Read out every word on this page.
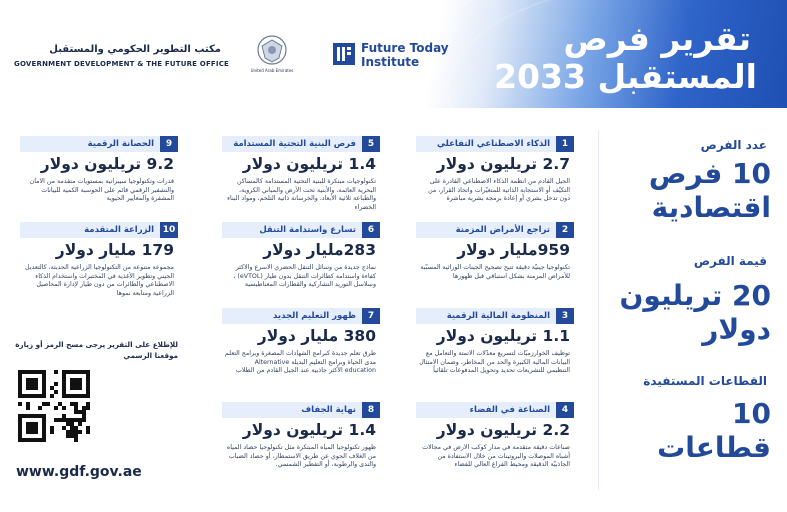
تقرير فرص
المستقبل 2033
Future Today
Institute
United Arab Emirates
مكتب التطوير الحكومي والمستقبل
GOVERNMENT DEVELOPMENT & THE FUTURE OFFICE
عدد الفرص
10 فرص
اقتصادية
قيمة الفرص
20 تريليون
دولار
القطاعات المستفيدة
10
قطاعات
1
الذكاء الاصطناعي التفاعلي
2.7 تريليون دولار
الجيل القادم من أنظمة الذكاء الاصطناعي القادرة على التكيّف أو الاستجابة الذاتية للمتغيّرات واتخاذ القرار، من دون تدخل بشري أو إعادة برمجة بشرية مباشرة
2
تراجع الأمراض المزمنة
959مليار دولار
تكنولوجيا جينيّة دقيقة تتيح تصحيح الجينات الوراثية المسبّبة للأمراض المزمنة بشكل استباقي قبل ظهورها
3
المنظومة المالية الرقمية
1.1 تريليون دولار
توظيف الخوارزميّات لتسريع معدّلات الأتمتة والتعامل مع البيانات المالية الكبيرة والحد من المخاطر، وضمان الامتثال التنظيمي للتشريعات تحديد وتحويل المدفوعات تلقائياً
4
الصناعة في الفضاء
2.2 تريليون دولار
صناعات دقيقة متقدمة في مدار كوكب الأرض في مجالات أشباه الموصلات والبروتينات من خلال الاستفادة من الجاذبيّة الدقيقة ومحيط الفراغ العالي للفضاء
5
فرص البنية التحتية المستدامة
1.4 تريليون دولار
تكنولوجيات مبتكرة للبنية التحتية المستدامة كالمساكن البحرية العائمة، والأبنية تحت الأرض والمباني الكروية، والطباعة ثلاثية الأبعاد، والخرسانة ذاتية التلحم، ومواد البناء الخضراء
6
تسارع واستدامة التنقل
283مليار دولار
نماذج جديدة من وسائل التنقل الحضري الأسرع والأكثر كفاءة واستدامة كطائرات التنقل بدون طيار (eVTOL) ، وسلاسل التوريد التشاركية والقطارات المغناطيسية
7
ظهور التعليم الجديد
380 مليار دولار
طرق تعلم جديدة كبرامج الشهادات المصغرة وبرامج التعلم مدى الحياة وبرامج التعليم البديلة Alternative education الأكثر جاذبية عند الجيل القادم من الطلاب
8
نهاية الجفاف
1.4 تريليون دولار
ظهور تكنولوجيا المياه المبتكرة مثل تكنولوجيا حصاد المياه من الغلاف الجوي عن طريق الاستمطار، أو حصاد الضباب والندى والرطوبة، أو التقطير الشمسي.
9
الحصانة الرقمية
9.2 تريليون دولار
قدرات وتكنولوجيا سيبرانية بمستويات متقدمة من الأمان والتشفير الرقمي قائم على الحوسبة الكمية للبيانات المشفرة والمعايير الحيوية
10
الزراعة المتقدمة
179 مليار دولار
مجموعة متنوعة من التكنولوجيا الزراعية الحديثة، كالتعديل الجيني وتطوير الأغذية في المختبرات واستخدام الذكاء الاصطناعي والطائرات من دون طيار لإدارة المحاصيل الزراعية ومتابعة نموها
للإطلاع على التقرير يرجى مسح الرمز أو زيارة
موقعنا الرسمي
www.gdf.gov.ae
